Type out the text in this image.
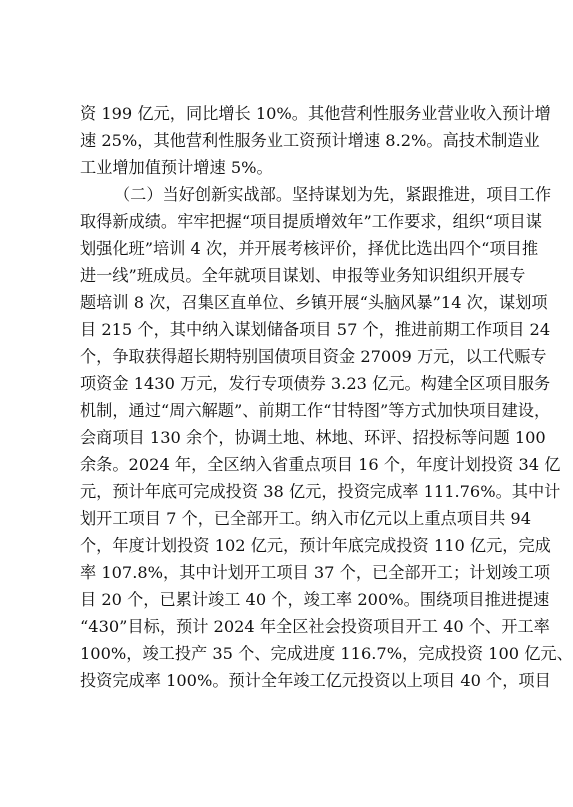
资 199 亿元，同比增长 10%。其他营利性服务业营业收入预计增
速 25%，其他营利性服务业工资预计增速 8.2%。高技术制造业
工业增加值预计增速 5%。
（二）当好创新实战部。坚持谋划为先，紧跟推进，项目工作
取得新成绩。牢牢把握“项目提质增效年”工作要求，组织“项目谋
划强化班”培训 4 次，并开展考核评价，择优比选出四个“项目推
进一线”班成员。全年就项目谋划、申报等业务知识组织开展专
题培训 8 次，召集区直单位、乡镇开展“头脑风暴”14 次，谋划项
目 215 个，其中纳入谋划储备项目 57 个，推进前期工作项目 24
个，争取获得超长期特别国债项目资金 27009 万元，以工代赈专
项资金 1430 万元，发行专项债券 3.23 亿元。构建全区项目服务
机制，通过“周六解题”、前期工作“甘特图”等方式加快项目建设，
会商项目 130 余个，协调土地、林地、环评、招投标等问题 100
余条。2024 年，全区纳入省重点项目 16 个，年度计划投资 34 亿
元，预计年底可完成投资 38 亿元，投资完成率 111.76%。其中计
划开工项目 7 个，已全部开工。纳入市亿元以上重点项目共 94
个，年度计划投资 102 亿元，预计年底完成投资 110 亿元，完成
率 107.8%，其中计划开工项目 37 个，已全部开工；计划竣工项
目 20 个，已累计竣工 40 个，竣工率 200%。围绕项目推进提速
“430”目标，预计 2024 年全区社会投资项目开工 40 个、开工率
100%，竣工投产 35 个、完成进度 116.7%，完成投资 100 亿元、
投资完成率 100%。预计全年竣工亿元投资以上项目 40 个，项目
